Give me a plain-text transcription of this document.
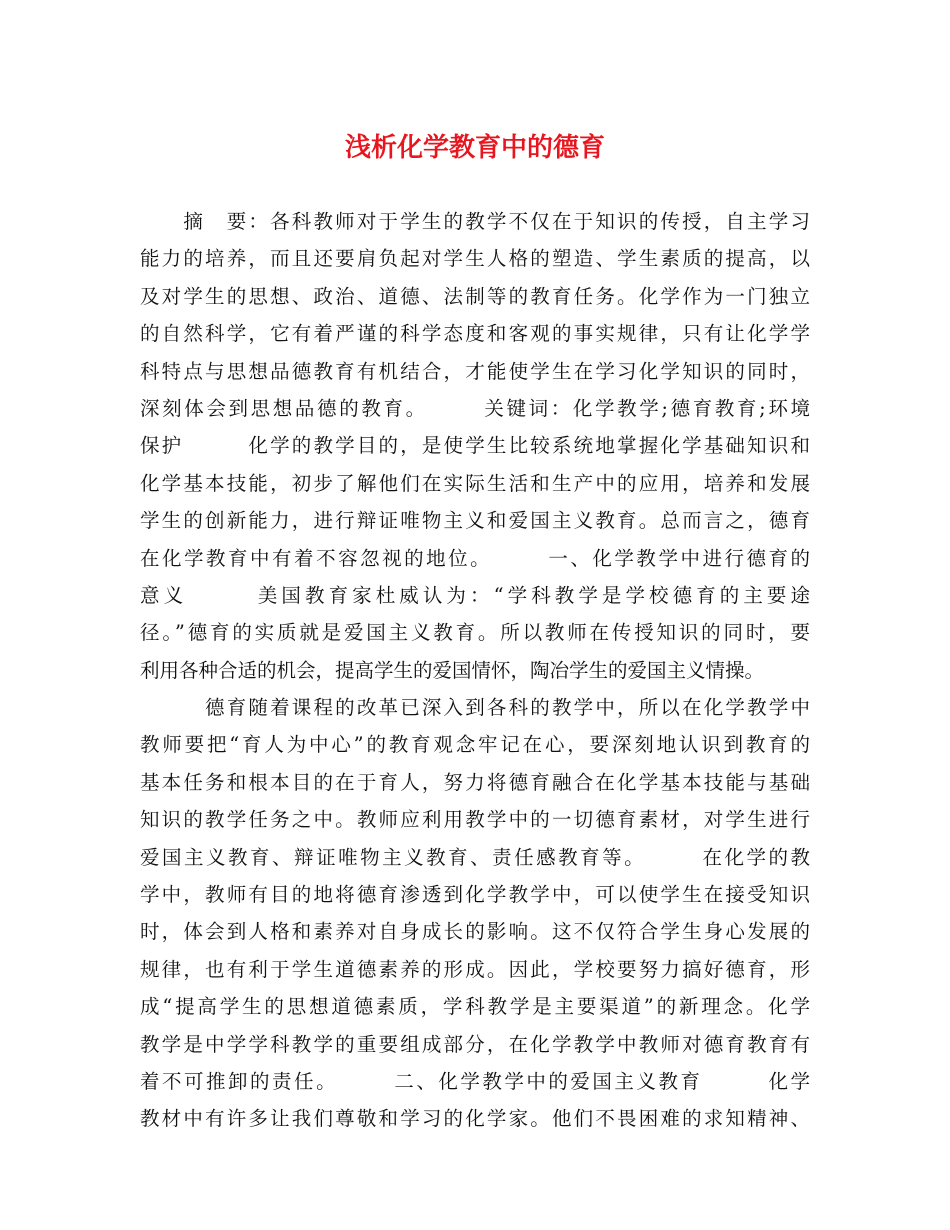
浅析化学教育中的德育
　　摘　要：各科教师对于学生的教学不仅在于知识的传授，自主学习
能力的培养，而且还要肩负起对学生人格的塑造、学生素质的提高，以
及对学生的思想、政治、道德、法制等的教育任务。化学作为一门独立
的自然科学，它有着严谨的科学态度和客观的事实规律，只有让化学学
科特点与思想品德教育有机结合，才能使学生在学习化学知识的同时，
深刻体会到思想品德的教育。　　　关键词：化学教学;德育教育;环境
保护　　　化学的教学目的，是使学生比较系统地掌握化学基础知识和
化学基本技能，初步了解他们在实际生活和生产中的应用，培养和发展
学生的创新能力，进行辩证唯物主义和爱国主义教育。总而言之，德育
在化学教育中有着不容忽视的地位。　　　一、化学教学中进行德育的
意义　　　美国教育家杜威认为：“学科教学是学校德育的主要途
径。”德育的实质就是爱国主义教育。所以教师在传授知识的同时，要
利用各种合适的机会，提高学生的爱国情怀，陶冶学生的爱国主义情操。
　　　德育随着课程的改革已深入到各科的教学中，所以在化学教学中
教师要把“育人为中心”的教育观念牢记在心，要深刻地认识到教育的
基本任务和根本目的在于育人，努力将德育融合在化学基本技能与基础
知识的教学任务之中。教师应利用教学中的一切德育素材，对学生进行
爱国主义教育、辩证唯物主义教育、责任感教育等。　　　在化学的教
学中，教师有目的地将德育渗透到化学教学中，可以使学生在接受知识
时，体会到人格和素养对自身成长的影响。这不仅符合学生身心发展的
规律，也有利于学生道德素养的形成。因此，学校要努力搞好德育，形
成“提高学生的思想道德素质，学科教学是主要渠道”的新理念。化学
教学是中学学科教学的重要组成部分，在化学教学中教师对德育教育有
着不可推卸的责任。　　　二、化学教学中的爱国主义教育　　　化学
教材中有许多让我们尊敬和学习的化学家。他们不畏困难的求知精神、
